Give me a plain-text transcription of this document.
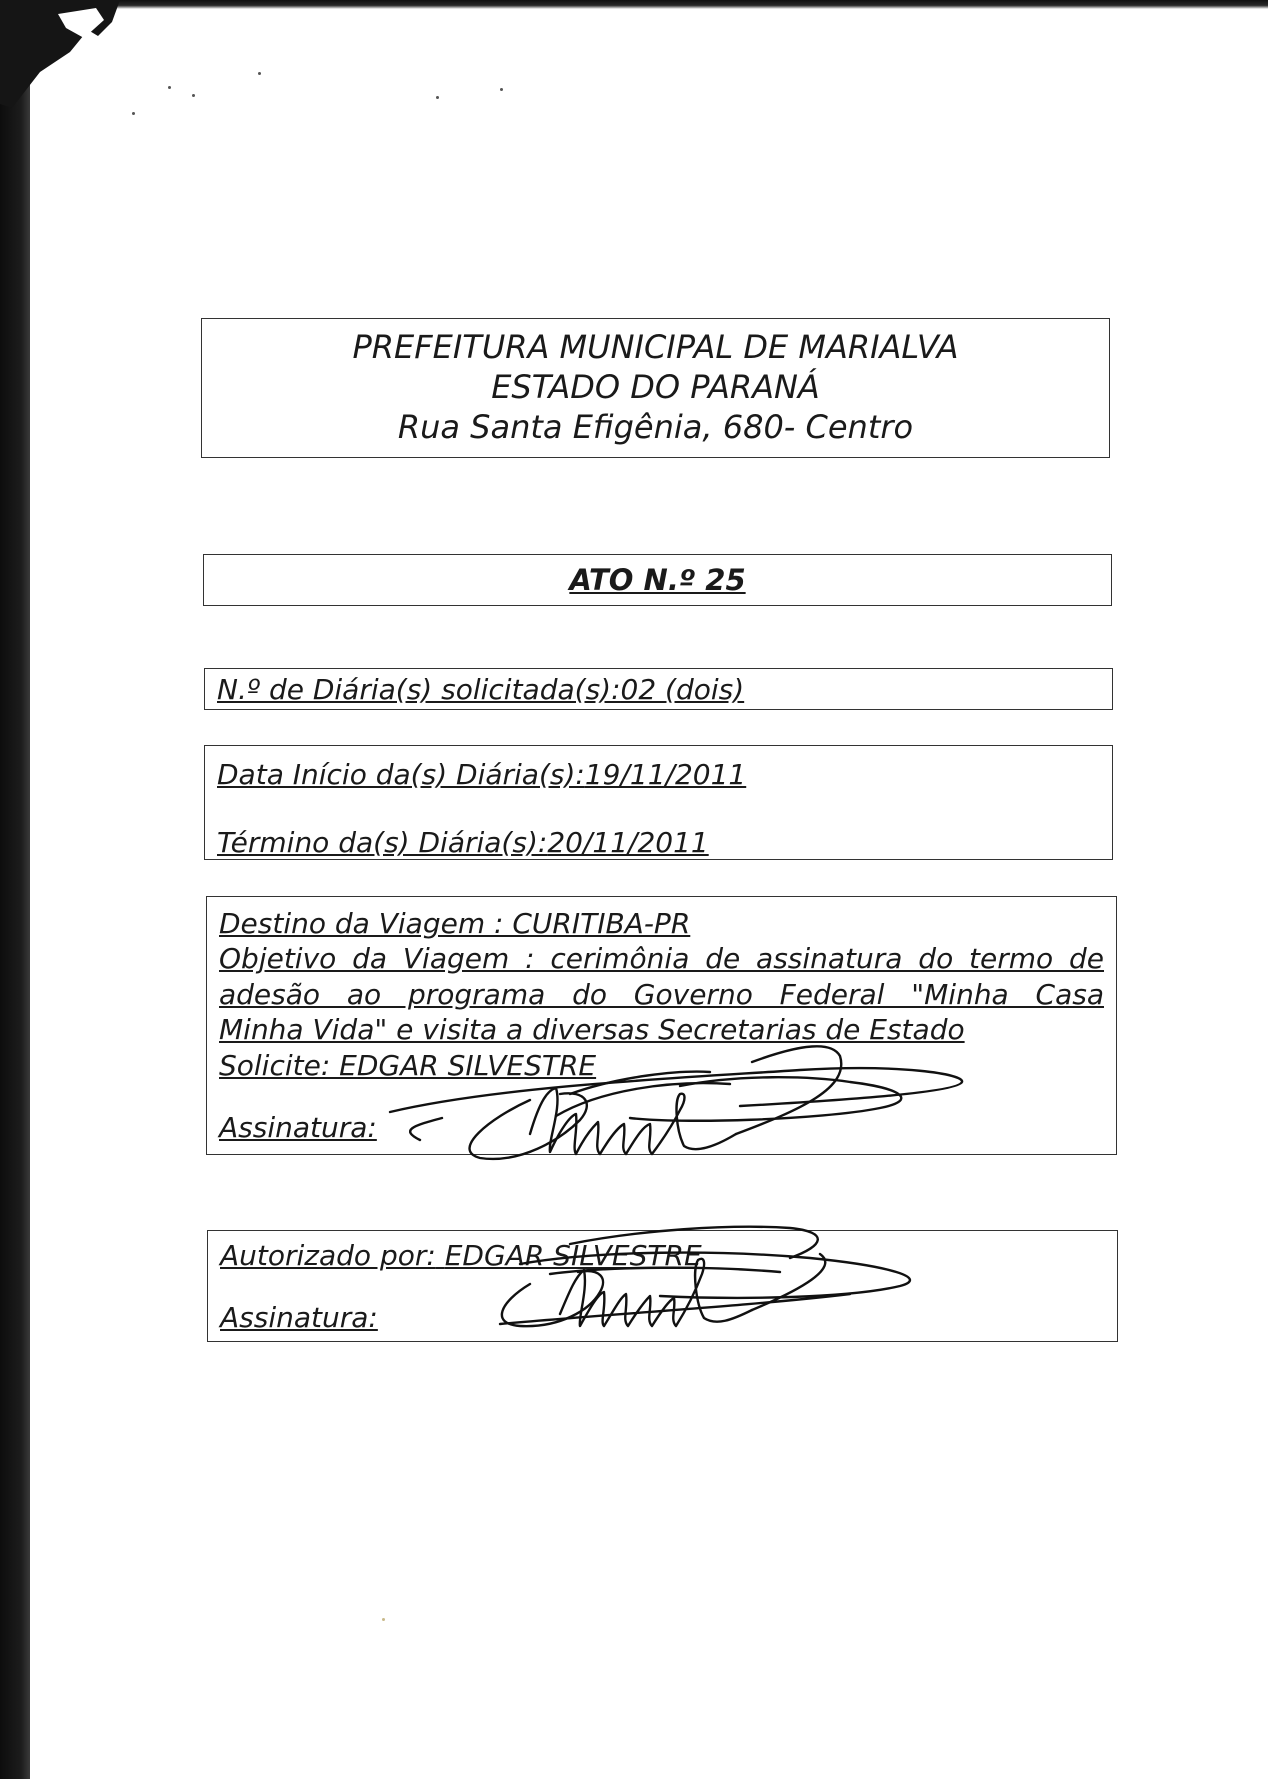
PREFEITURA MUNICIPAL DE MARIALVA
ESTADO DO PARANÁ
Rua Santa Efigênia, 680- Centro
ATO N.º 25
N.º de Diária(s) solicitada(s):02 (dois)
Data Início da(s) Diária(s):19/11/2011
Término da(s) Diária(s):20/11/2011
Destino da Viagem : CURITIBA-PR
Objetivo da Viagem : cerimônia de assinatura do termo de
adesão ao programa do Governo Federal "Minha Casa
Minha Vida" e visita a diversas Secretarias de Estado
Solicite: EDGAR SILVESTRE
Assinatura:
Autorizado por: EDGAR SILVESTRE
Assinatura:
